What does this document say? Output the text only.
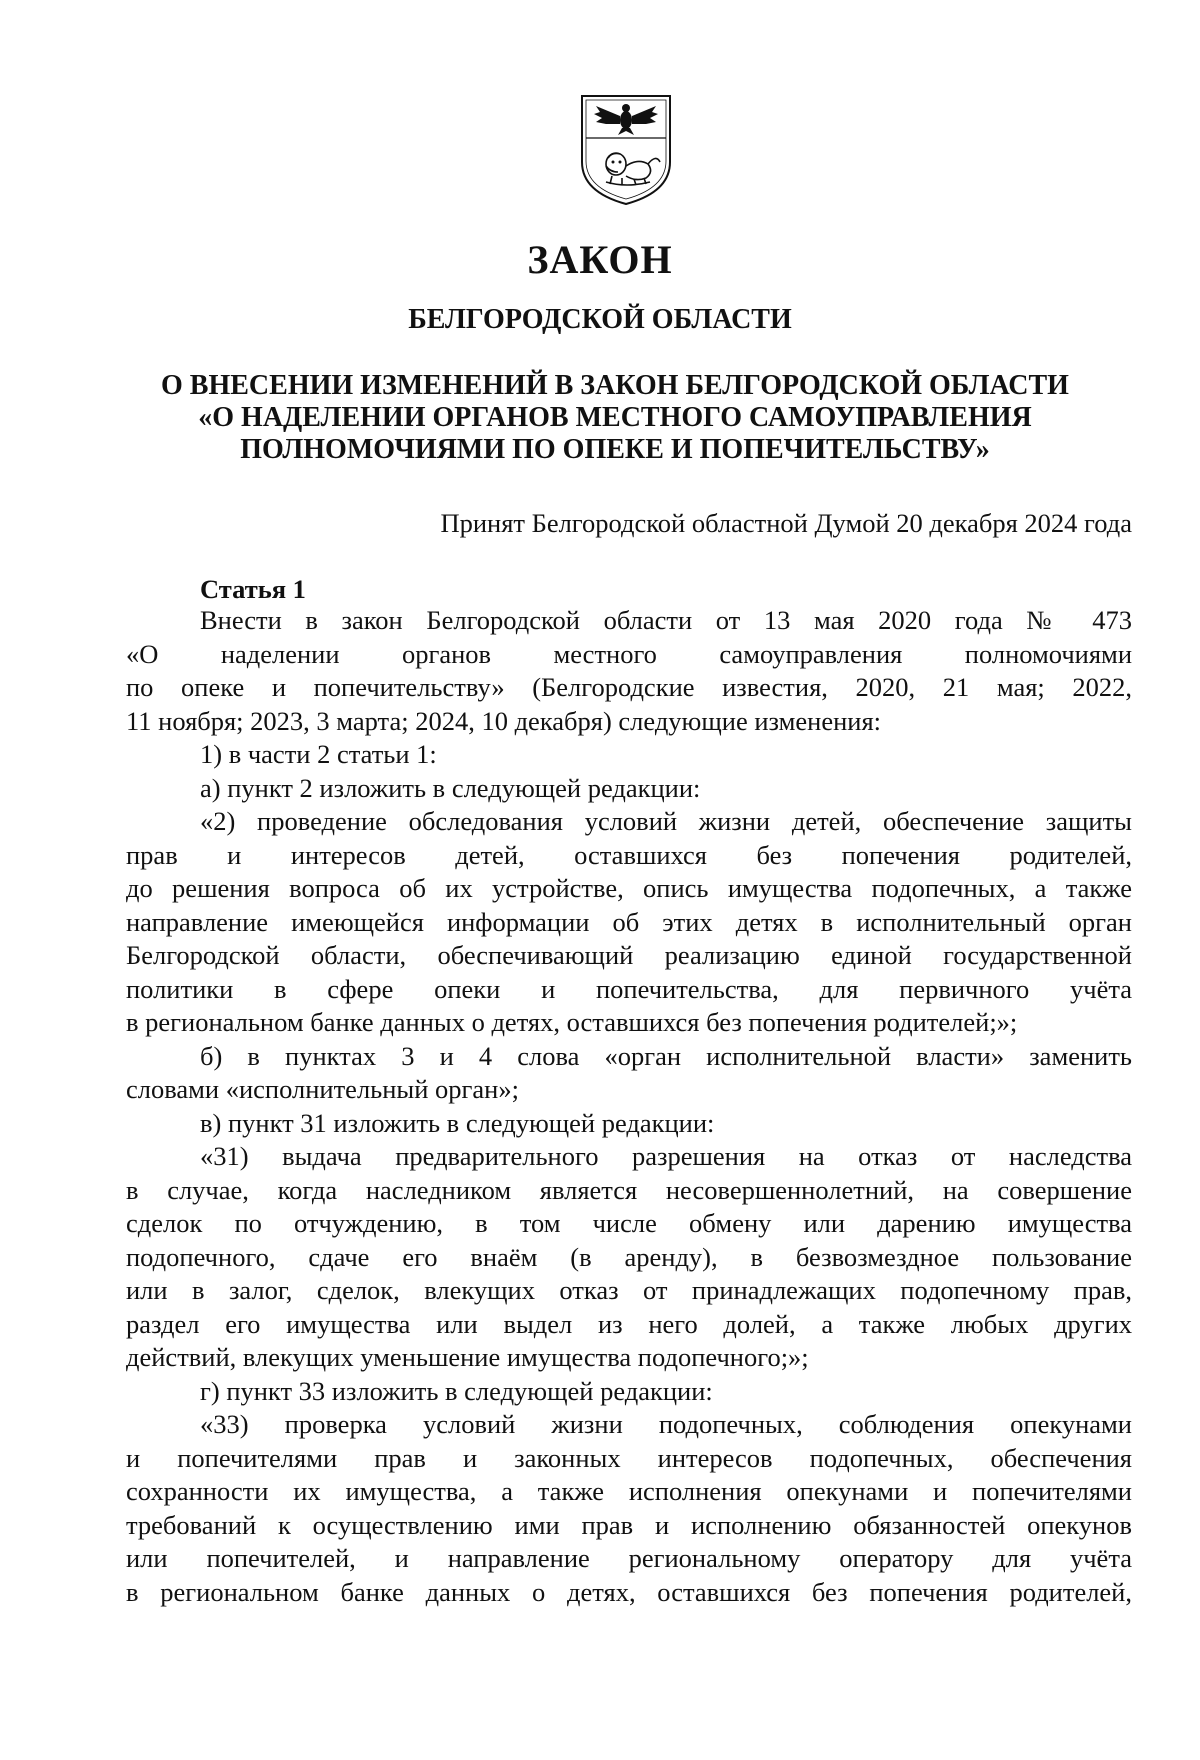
ЗАКОН
БЕЛГОРОДСКОЙ ОБЛАСТИ
О ВНЕСЕНИИ ИЗМЕНЕНИЙ В ЗАКОН БЕЛГОРОДСКОЙ ОБЛАСТИ
«О НАДЕЛЕНИИ ОРГАНОВ МЕСТНОГО САМОУПРАВЛЕНИЯ
ПОЛНОМОЧИЯМИ ПО ОПЕКЕ И ПОПЕЧИТЕЛЬСТВУ»
Принят Белгородской областной Думой 20 декабря 2024 года
Статья 1
Внести в закон Белгородской области от 13 мая 2020 года № 473
«О наделении органов местного самоуправления полномочиями
по опеке и попечительству» (Белгородские известия, 2020, 21 мая; 2022,
11 ноября; 2023, 3 марта; 2024, 10 декабря) следующие изменения:
1) в части 2 статьи 1:
а) пункт 2 изложить в следующей редакции:
«2) проведение обследования условий жизни детей, обеспечение защиты
прав и интересов детей, оставшихся без попечения родителей,
до решения вопроса об их устройстве, опись имущества подопечных, а также
направление имеющейся информации об этих детях в исполнительный орган
Белгородской области, обеспечивающий реализацию единой государственной
политики в сфере опеки и попечительства, для первичного учёта
в региональном банке данных о детях, оставшихся без попечения родителей;»;
б) в пунктах 3 и 4 слова «орган исполнительной власти» заменить
словами «исполнительный орган»;
в) пункт 31 изложить в следующей редакции:
«31) выдача предварительного разрешения на отказ от наследства
в случае, когда наследником является несовершеннолетний, на совершение
сделок по отчуждению, в том числе обмену или дарению имущества
подопечного, сдаче его внаём (в аренду), в безвозмездное пользование
или в залог, сделок, влекущих отказ от принадлежащих подопечному прав,
раздел его имущества или выдел из него долей, а также любых других
действий, влекущих уменьшение имущества подопечного;»;
г) пункт 33 изложить в следующей редакции:
«33) проверка условий жизни подопечных, соблюдения опекунами
и попечителями прав и законных интересов подопечных, обеспечения
сохранности их имущества, а также исполнения опекунами и попечителями
требований к осуществлению ими прав и исполнению обязанностей опекунов
или попечителей, и направление региональному оператору для учёта
в региональном банке данных о детях, оставшихся без попечения родителей,
